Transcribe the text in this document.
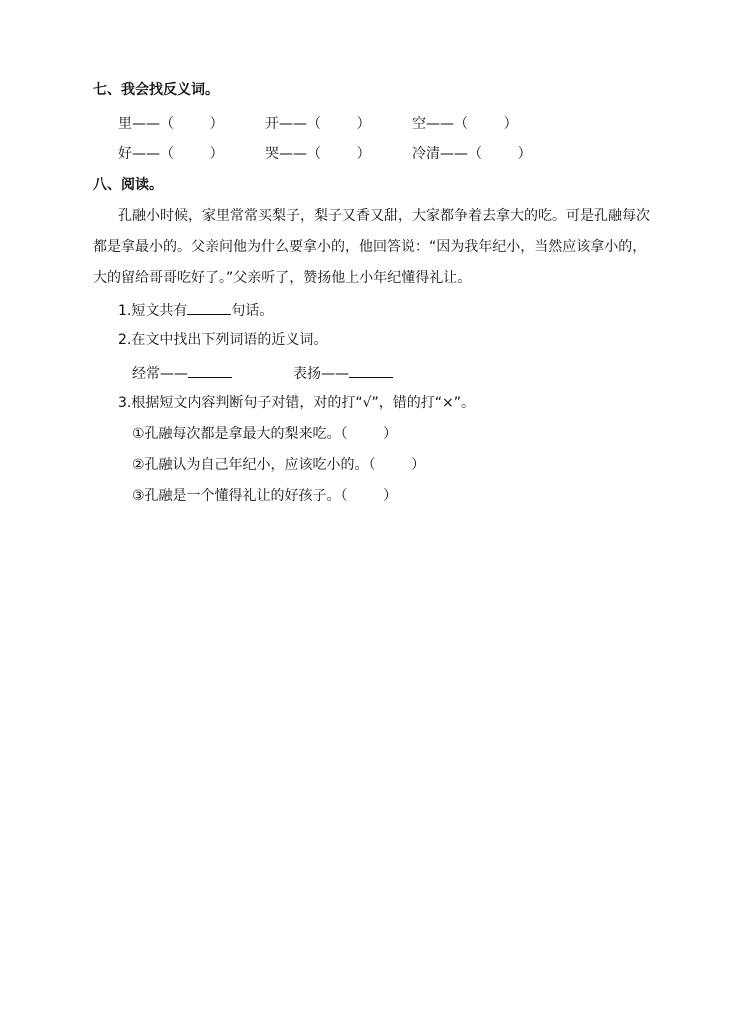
七、我会找反义词。
里——（        ）	开——（        ）	空——（        ）
好——（        ）	哭——（        ）	冷清——（        ）
八、阅读。
孔融小时候，家里常常买梨子，梨子又香又甜，大家都争着去拿大的吃。可是孔融每次
都是拿最小的。父亲问他为什么要拿小的，他回答说：“因为我年纪小，当然应该拿小的，
大的留给哥哥吃好了。”父亲听了，赞扬他上小年纪懂得礼让。
1.短文共有	句话。
2.在文中找出下列词语的近义词。
经常——	表扬——
3.根据短文内容判断句子对错，对的打“√”，错的打“×”。
①孔融每次都是拿最大的梨来吃。（        ）
②孔融认为自己年纪小，应该吃小的。（        ）
③孔融是一个懂得礼让的好孩子。（        ）
